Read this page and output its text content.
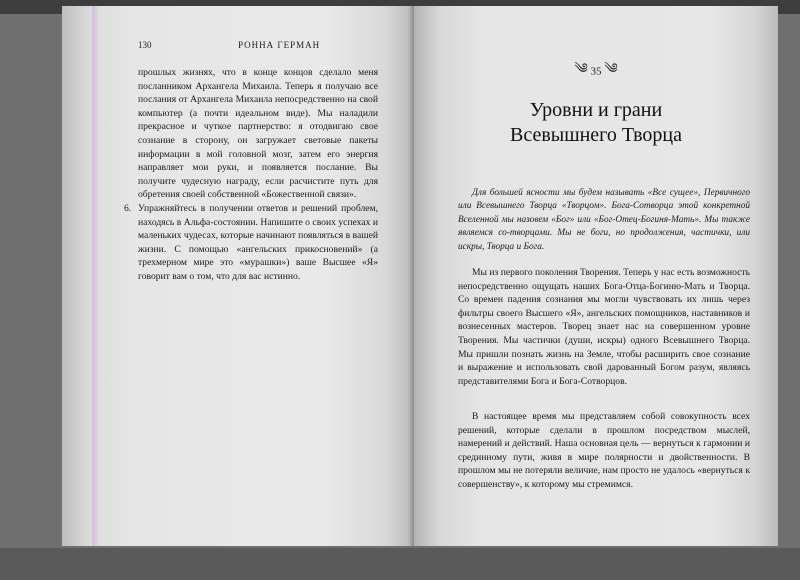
130	РОННА ГЕРМАН
прошлых жизнях, что в конце концов сделало меня посланником Архангела Михаила. Теперь я получаю все послания от Архангела Михаила непосредственно на свой компьютер (а почти идеальном виде). Мы наладили прекрасное и чуткое партнерство: я отодвигаю свое сознание в сторону, он загружает световые пакеты информации в мой головной мозг, затем его энергия направляет мои руки, и появляется послание. Вы получите чудесную награду, если расчистите путь для обретения своей собственной «Божественной связи».
6. Упражняйтесь в получении ответов и решений проблем, находясь в Альфа-состоянии. Напишите о своих успехах и маленьких чудесах, которые начинают появляться в вашей жизни. С помощью «ангельских прикосновений» (а трехмерном мире это «мурашки») ваше Высшее «Я» говорит вам о том, что для вас истинно.
༄ 35 ༄
Уровни и грани
Всевышнего Творца
Для большей ясности мы будем называть «Все сущее», Первичного или Всевышнего Творца «Творцом». Бога-Сотворца этой конкретной Вселенной мы назовем «Бог» или «Бог-Отец-Богиня-Мать». Мы также являемся со-творцами. Мы не боги, но продолжения, частички, или искры, Творца и Бога.
Мы из первого поколения Творения. Теперь у нас есть возможность непосредственно ощущать наших Бога-Отца-Богиню-Мать и Творца. Со времен падения сознания мы могли чувствовать их лишь через фильтры своего Высшего «Я», ангельских помощников, наставников и вознесенных мастеров. Творец знает нас на совершенном уровне Творения. Мы частички (души, искры) одного Всевышнего Творца. Мы пришли познать жизнь на Земле, чтобы расширить свое сознание и выражение и использовать свой дарованный Богом разум, являясь представителями Бога и Бога-Сотворцов.
В настоящее время мы представляем собой совокупность всех решений, которые сделали в прошлом посредством мыслей, намерений и действий. Наша основная цель — вернуться к гармонии и срединному пути, живя в мире полярности и двойственности. В прошлом мы не потеряли величие, нам просто не удалось «вернуться к совершенству», к которому мы стремимся.
